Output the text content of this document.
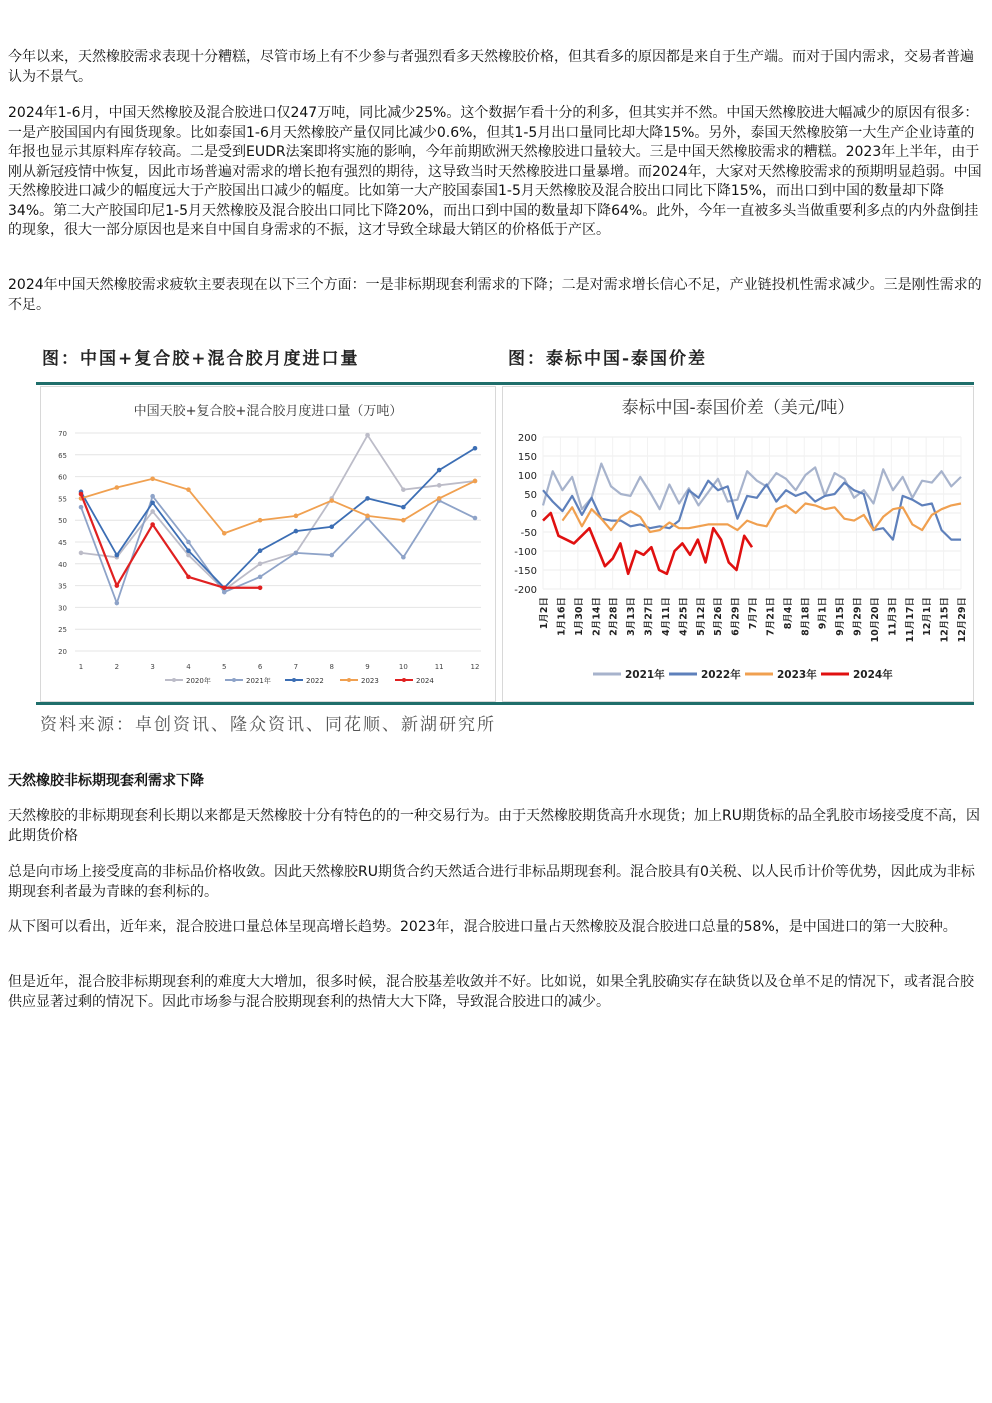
今年以来，天然橡胶需求表现十分糟糕，尽管市场上有不少参与者强烈看多天然橡胶价格，但其看多的原因都是来自于生产端。而对于国内需求，交易者普遍认为不景气。

2024年1-6月，中国天然橡胶及混合胶进口仅247万吨，同比减少25%。这个数据乍看十分的利多，但其实并不然。中国天然橡胶进大幅减少的原因有很多：一是产胶国国内有囤货现象。比如泰国1-6月天然橡胶产量仅同比减少0.6%，但其1-5月出口量同比却大降15%。另外，泰国天然橡胶第一大生产企业诗董的年报也显示其原料库存较高。二是受到EUDR法案即将实施的影响，今年前期欧洲天然橡胶进口量较大。三是中国天然橡胶需求的糟糕。2023年上半年，由于刚从新冠疫情中恢复，因此市场普遍对需求的增长抱有强烈的期待，这导致当时天然橡胶进口量暴增。而2024年，大家对天然橡胶需求的预期明显趋弱。中国天然橡胶进口减少的幅度远大于产胶国出口减少的幅度。比如第一大产胶国泰国1-5月天然橡胶及混合胶出口同比下降15%，而出口到中国的数量却下降34%。第二大产胶国印尼1-5月天然橡胶及混合胶出口同比下降20%，而出口到中国的数量却下降64%。此外，今年一直被多头当做重要利多点的内外盘倒挂的现象，很大一部分原因也是来自中国自身需求的不振，这才导致全球最大销区的价格低于产区。

2024年中国天然橡胶需求疲软主要表现在以下三个方面：一是非标期现套利需求的下降；二是对需求增长信心不足，产业链投机性需求减少。三是刚性需求的不足。

图：中国+复合胶+混合胶月度进口量	图：泰标中国-泰国价差
中国天胶+复合胶+混合胶月度进口量（万吨）
20
25
30
35
40
45
50
55
60
65
70
1	2	3	4	5	6	7	8	9	10	11	12
2020年	2021年	2022	2023	2024
泰标中国-泰国价差（美元/吨）
200
150
100
50
0
-50
-100
-150
-200
1月2日 1月16日 1月30日 2月14日 2月28日 3月13日 3月27日 4月11日 4月25日 5月12日 5月26日 6月29日 7月7日 7月21日 8月4日 8月18日 9月1日 9月15日 9月29日 10月20日 11月3日 11月17日 12月1日 12月15日 12月29日
2021年	2022年	2023年	2024年
资料来源：卓创资讯、隆众资讯、同花顺、新湖研究所

天然橡胶非标期现套利需求下降

天然橡胶的非标期现套利长期以来都是天然橡胶十分有特色的的一种交易行为。由于天然橡胶期货高升水现货；加上RU期货标的品全乳胶市场接受度不高，因此期货价格

总是向市场上接受度高的非标品价格收敛。因此天然橡胶RU期货合约天然适合进行非标品期现套利。混合胶具有0关税、以人民币计价等优势，因此成为非标期现套利者最为青睐的套利标的。

从下图可以看出，近年来，混合胶进口量总体呈现高增长趋势。2023年，混合胶进口量占天然橡胶及混合胶进口总量的58%，是中国进口的第一大胶种。

但是近年，混合胶非标期现套利的难度大大增加，很多时候，混合胶基差收敛并不好。比如说，如果全乳胶确实存在缺货以及仓单不足的情况下，或者混合胶供应显著过剩的情况下。因此市场参与混合胶期现套利的热情大大下降，导致混合胶进口的减少。
